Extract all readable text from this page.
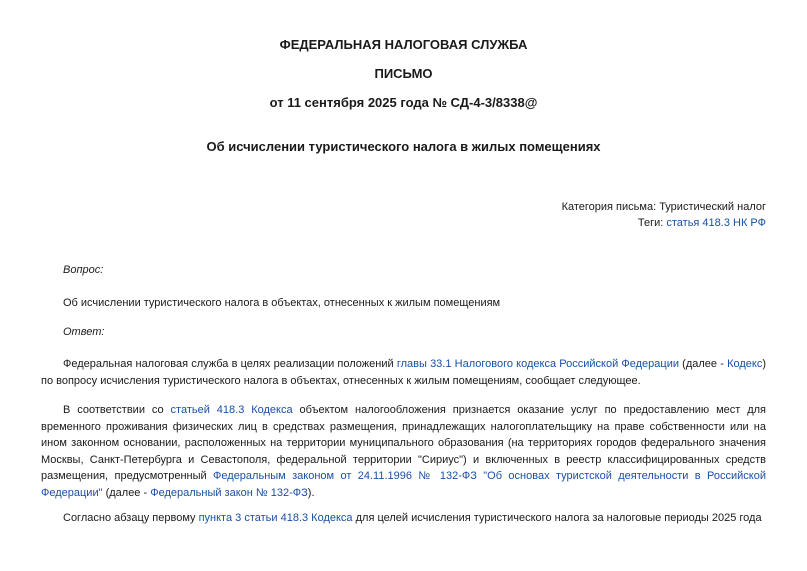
ФЕДЕРАЛЬНАЯ НАЛОГОВАЯ СЛУЖБА
ПИСЬМО
от 11 сентября 2025 года № СД-4-3/8338@
Об исчислении туристического налога в жилых помещениях
Категория письма: Туристический налог
Теги: статья 418.3 НК РФ
Вопрос:
Об исчислении туристического налога в объектах, отнесенных к жилым помещениям
Ответ:
Федеральная налоговая служба в целях реализации положений главы 33.1 Налогового кодекса Российской Федерации (далее - Кодекс) по вопросу исчисления туристического налога в объектах, отнесенных к жилым помещениям, сообщает следующее.
В соответствии со статьей 418.3 Кодекса объектом налогообложения признается оказание услуг по предоставлению мест для временного проживания физических лиц в средствах размещения, принадлежащих налогоплательщику на праве собственности или на ином законном основании, расположенных на территории муниципального образования (на территориях городов федерального значения Москвы, Санкт-Петербурга и Севастополя, федеральной территории "Сириус") и включенных в реестр классифицированных средств размещения, предусмотренный Федеральным законом от 24.11.1996 № 132-ФЗ "Об основах туристской деятельности в Российской Федерации" (далее - Федеральный закон № 132-ФЗ).
Согласно абзацу первому пункта 3 статьи 418.3 Кодекса для целей исчисления туристического налога за налоговые периоды 2025 года
